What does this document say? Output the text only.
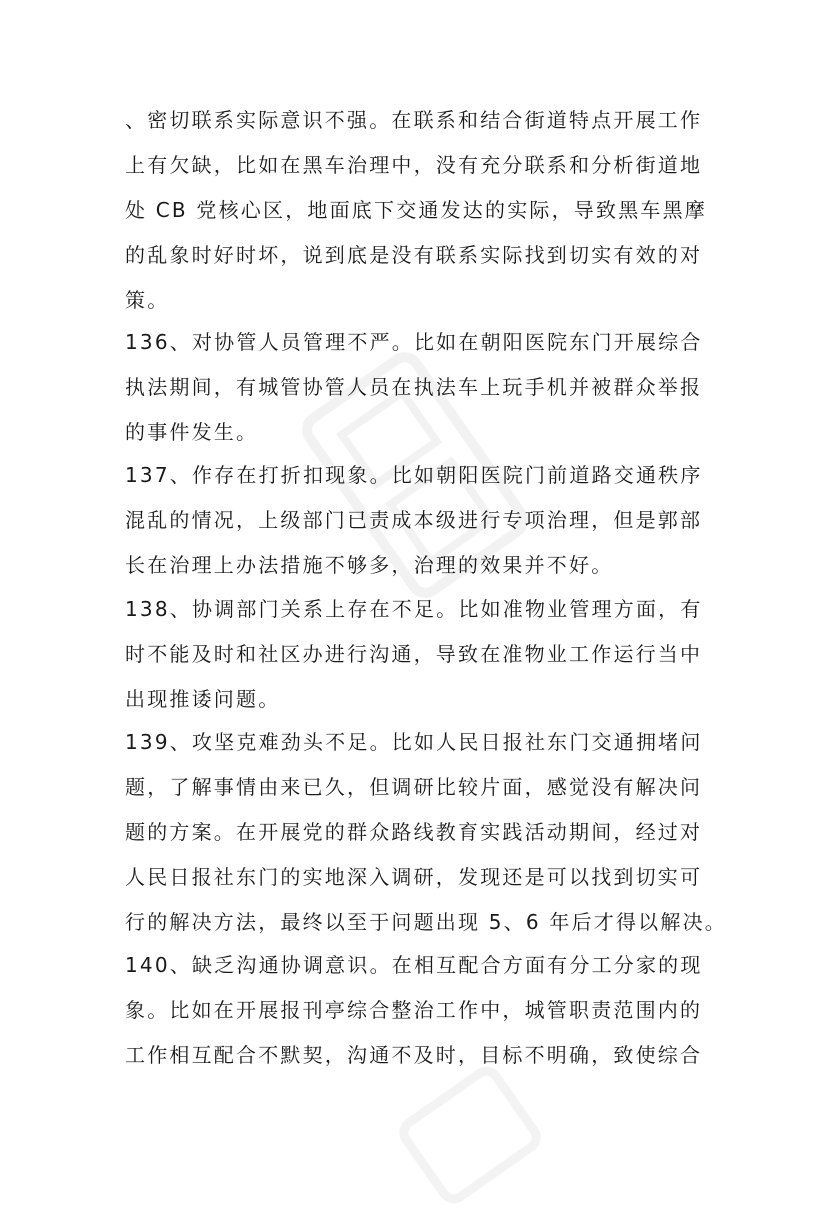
、密切联系实际意识不强。在联系和结合街道特点开展工作
上有欠缺，比如在黑车治理中，没有充分联系和分析街道地
处 CB 党核心区，地面底下交通发达的实际，导致黑车黑摩
的乱象时好时坏，说到底是没有联系实际找到切实有效的对
策。
136、对协管人员管理不严。比如在朝阳医院东门开展综合
执法期间，有城管协管人员在执法车上玩手机并被群众举报
的事件发生。
137、作存在打折扣现象。比如朝阳医院门前道路交通秩序
混乱的情况，上级部门已责成本级进行专项治理，但是郭部
长在治理上办法措施不够多，治理的效果并不好。
138、协调部门关系上存在不足。比如准物业管理方面，有
时不能及时和社区办进行沟通，导致在准物业工作运行当中
出现推诿问题。
139、攻坚克难劲头不足。比如人民日报社东门交通拥堵问
题，了解事情由来已久，但调研比较片面，感觉没有解决问
题的方案。在开展党的群众路线教育实践活动期间，经过对
人民日报社东门的实地深入调研，发现还是可以找到切实可
行的解决方法，最终以至于问题出现 5、6 年后才得以解决。
140、缺乏沟通协调意识。在相互配合方面有分工分家的现
象。比如在开展报刊亭综合整治工作中，城管职责范围内的
工作相互配合不默契，沟通不及时，目标不明确，致使综合
